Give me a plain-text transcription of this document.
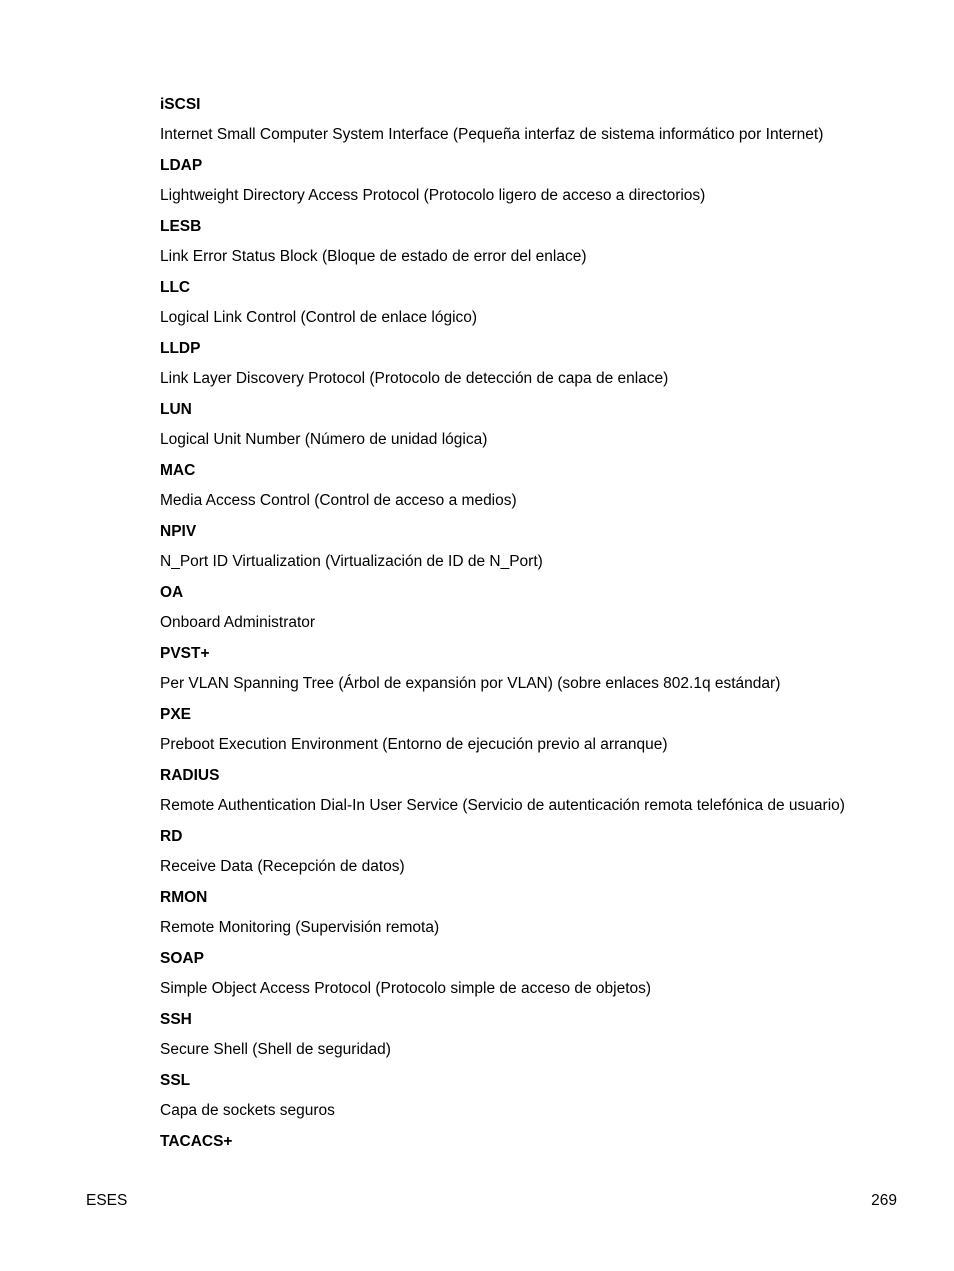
iSCSI
Internet Small Computer System Interface (Pequeña interfaz de sistema informático por Internet)
LDAP
Lightweight Directory Access Protocol (Protocolo ligero de acceso a directorios)
LESB
Link Error Status Block (Bloque de estado de error del enlace)
LLC
Logical Link Control (Control de enlace lógico)
LLDP
Link Layer Discovery Protocol (Protocolo de detección de capa de enlace)
LUN
Logical Unit Number (Número de unidad lógica)
MAC
Media Access Control (Control de acceso a medios)
NPIV
N_Port ID Virtualization (Virtualización de ID de N_Port)
OA
Onboard Administrator
PVST+
Per VLAN Spanning Tree (Árbol de expansión por VLAN) (sobre enlaces 802.1q estándar)
PXE
Preboot Execution Environment (Entorno de ejecución previo al arranque)
RADIUS
Remote Authentication Dial-In User Service (Servicio de autenticación remota telefónica de usuario)
RD
Receive Data (Recepción de datos)
RMON
Remote Monitoring (Supervisión remota)
SOAP
Simple Object Access Protocol (Protocolo simple de acceso de objetos)
SSH
Secure Shell (Shell de seguridad)
SSL
Capa de sockets seguros
TACACS+
ESES	269
